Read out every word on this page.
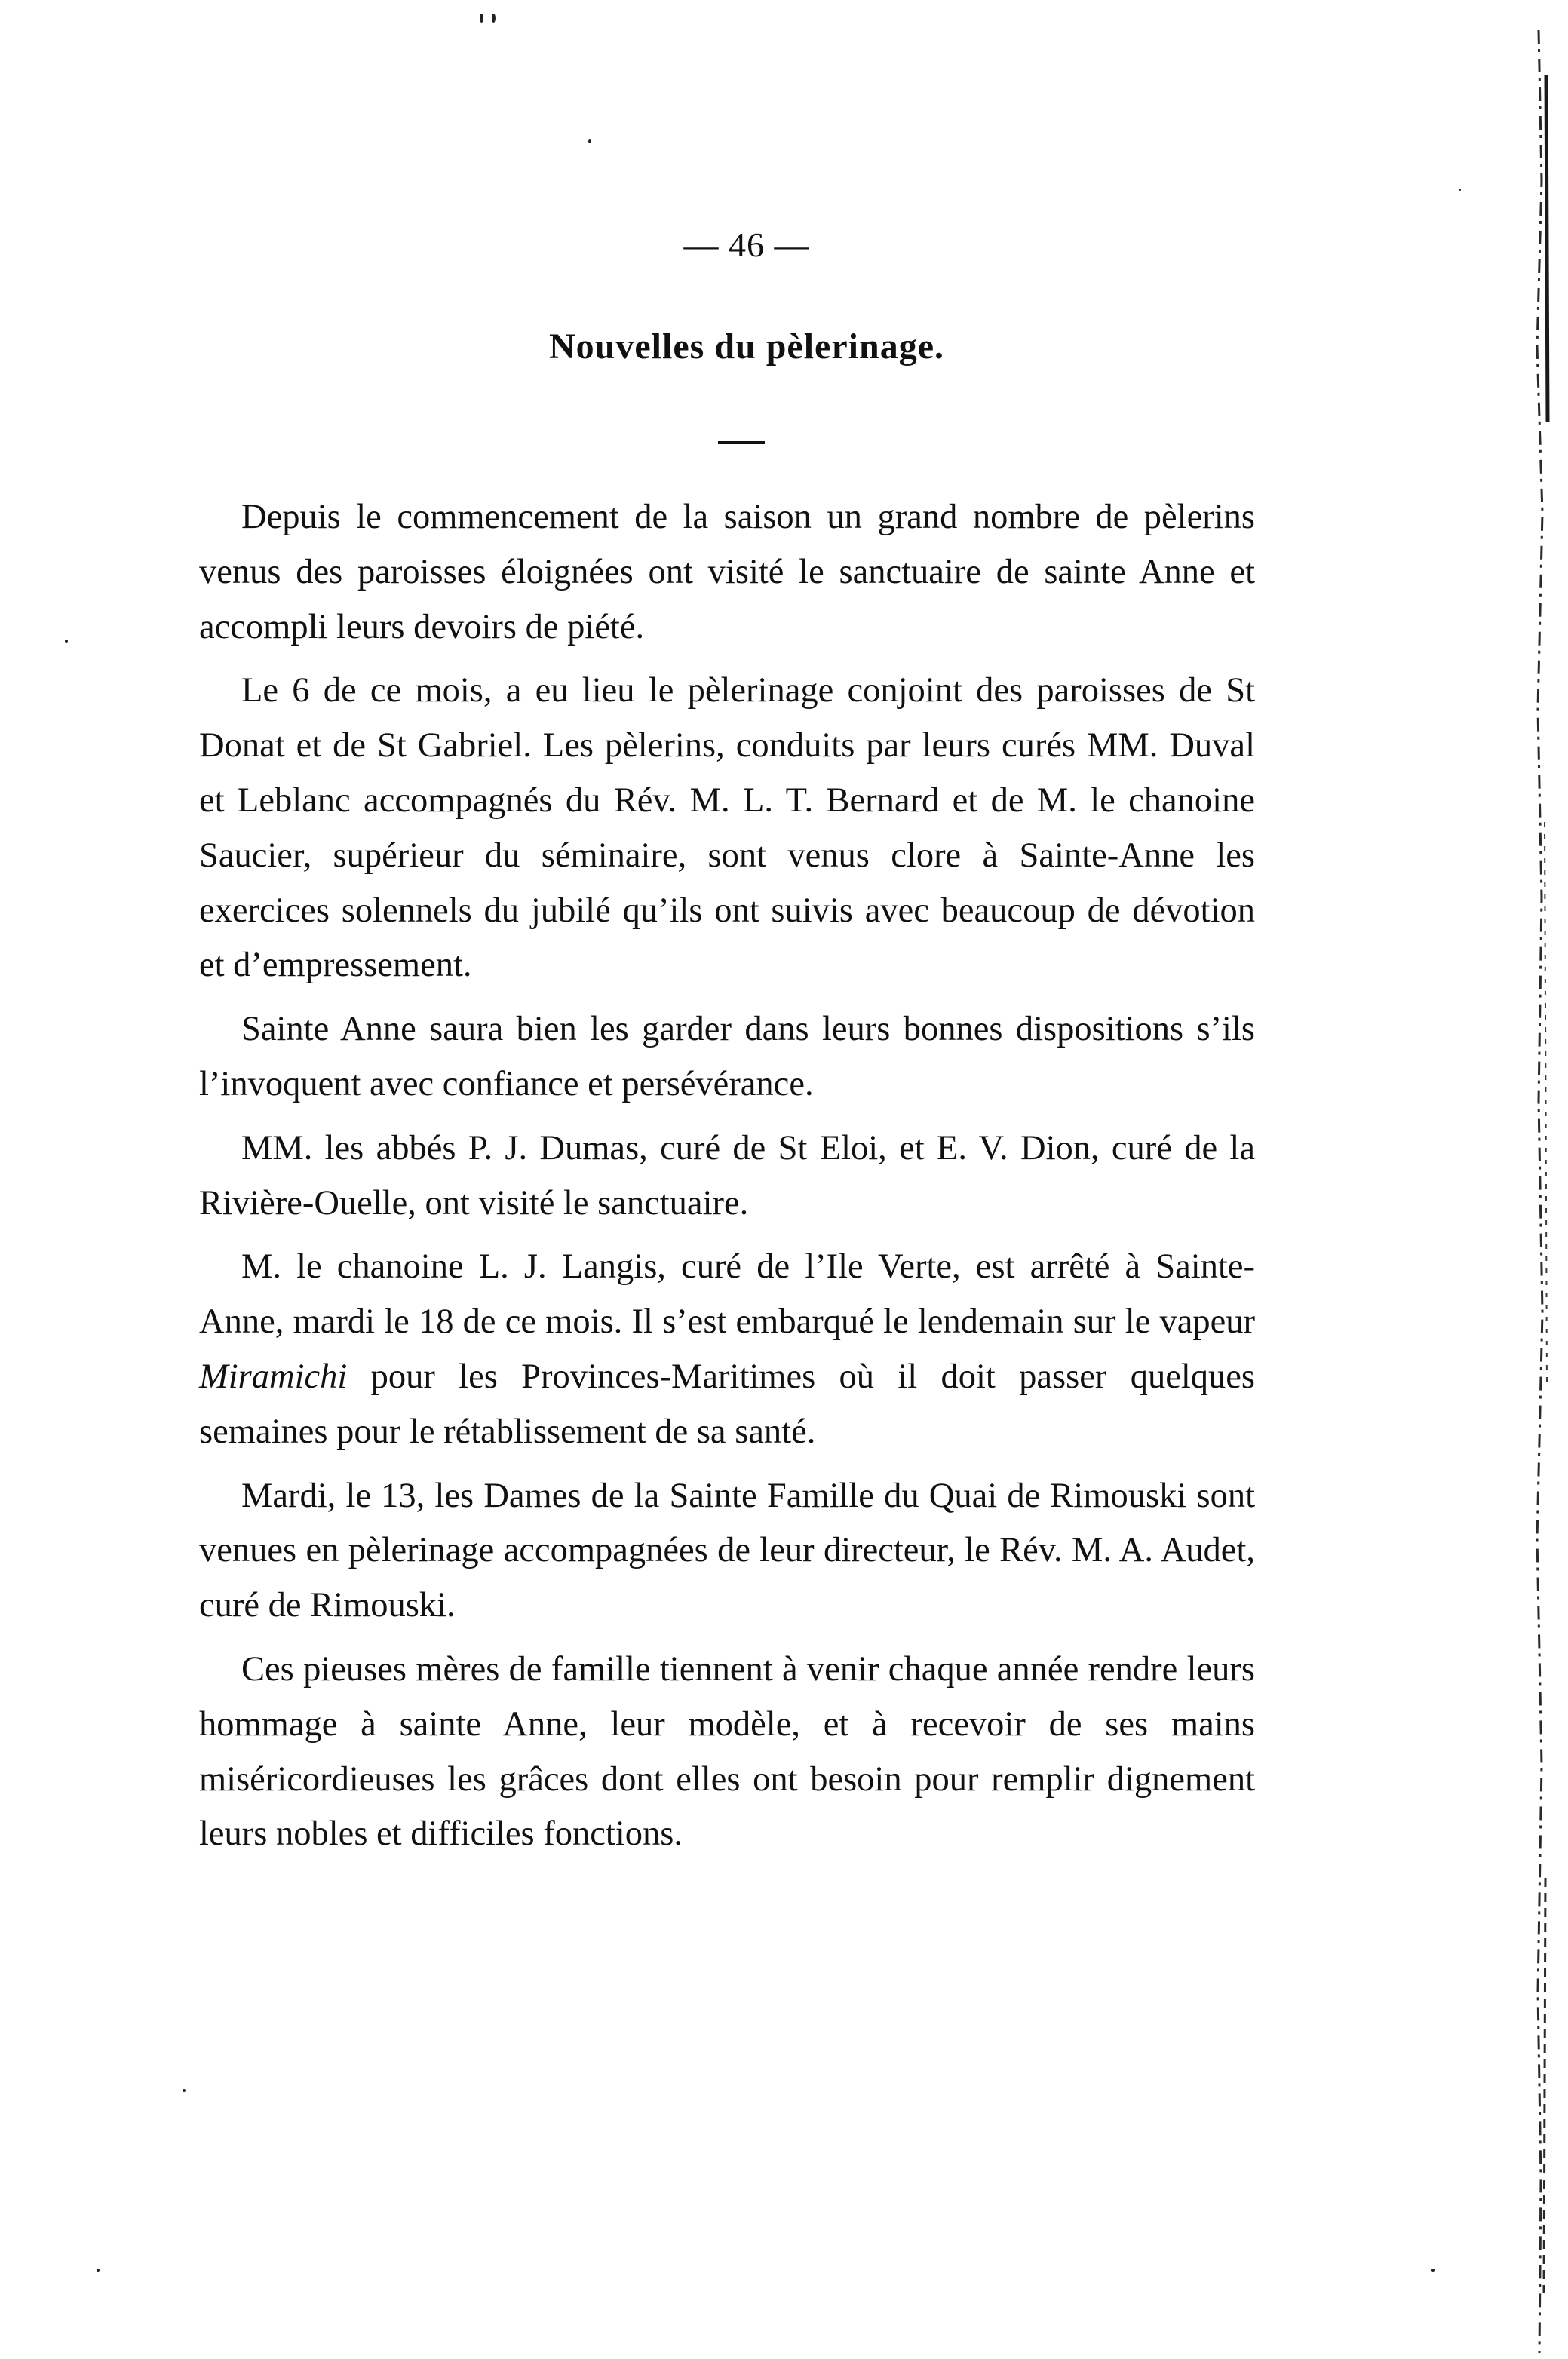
— 46 —
Nouvelles du pèlerinage.

Depuis le commencement de la saison un grand nombre de pèlerins venus des paroisses éloignées ont visité le sanctuaire de sainte Anne et accompli leurs devoirs de piété.

Le 6 de ce mois, a eu lieu le pèlerinage conjoint des paroisses de St Donat et de St Gabriel. Les pèlerins, conduits par leurs curés MM. Duval et Leblanc accompagnés du Rév. M. L. T. Bernard et de M. le chanoine Saucier, supérieur du séminaire, sont venus clore à Sainte-Anne les exercices solennels du jubilé qu’ils ont suivis avec beaucoup de dévotion et d’empressement.

Sainte Anne saura bien les garder dans leurs bonnes dispositions s’ils l’invoquent avec confiance et persévérance.

MM. les abbés P. J. Dumas, curé de St Eloi, et E. V. Dion, curé de la Rivière-Ouelle, ont visité le sanctuaire.

M. le chanoine L. J. Langis, curé de l’Ile Verte, est arrêté à Sainte-Anne, mardi le 18 de ce mois. Il s’est embarqué le lendemain sur le vapeur Miramichi pour les Provinces-Maritimes où il doit passer quelques semaines pour le rétablissement de sa santé.

Mardi, le 13, les Dames de la Sainte Famille du Quai de Rimouski sont venues en pèlerinage accompagnées de leur directeur, le Rév. M. A. Audet, curé de Rimouski.

Ces pieuses mères de famille tiennent à venir chaque année rendre leurs hommage à sainte Anne, leur modèle, et à recevoir de ses mains miséricordieuses les grâces dont elles ont besoin pour remplir dignement leurs nobles et difficiles fonctions.
